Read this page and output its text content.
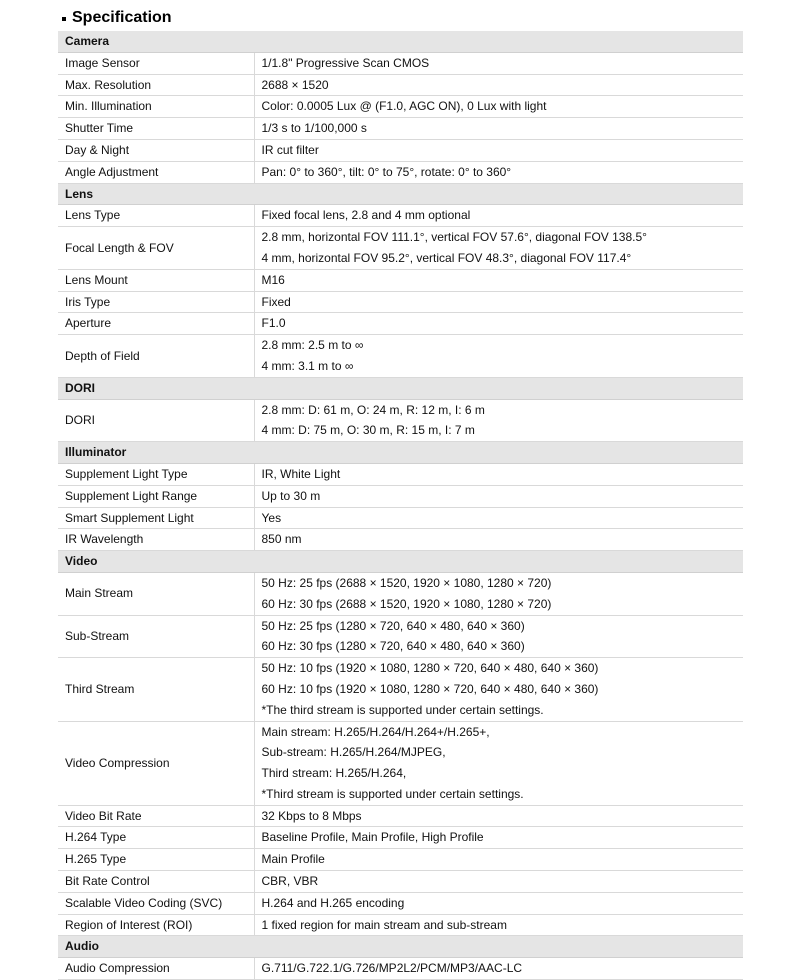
Specification
Camera	
Image Sensor	1/1.8" Progressive Scan CMOS

Max. Resolution	2688 × 1520

Min. Illumination	Color: 0.0005 Lux @ (F1.0, AGC ON), 0 Lux with light

Shutter Time	1/3 s to 1/100,000 s

Day & Night	IR cut filter

Angle Adjustment	Pan: 0° to 360°, tilt: 0° to 75°, rotate: 0° to 360°

Lens	
Lens Type	Fixed focal lens, 2.8 and 4 mm optional

Focal Length & FOV	2.8 mm, horizontal FOV 111.1°, vertical FOV 57.6°, diagonal FOV 138.5°
4 mm, horizontal FOV 95.2°, vertical FOV 48.3°, diagonal FOV 117.4°

Lens Mount	M16

Iris Type	Fixed

Aperture	F1.0

Depth of Field	2.8 mm: 2.5 m to ∞
4 mm: 3.1 m to ∞

DORI	
DORI	2.8 mm: D: 61 m, O: 24 m, R: 12 m, I: 6 m
4 mm: D: 75 m, O: 30 m, R: 15 m, I: 7 m

Illuminator	
Supplement Light Type	IR, White Light

Supplement Light Range	Up to 30 m

Smart Supplement Light	Yes

IR Wavelength	850 nm

Video	
Main Stream	50 Hz: 25 fps (2688 × 1520, 1920 × 1080, 1280 × 720)
60 Hz: 30 fps (2688 × 1520, 1920 × 1080, 1280 × 720)

Sub-Stream	50 Hz: 25 fps (1280 × 720, 640 × 480, 640 × 360)
60 Hz: 30 fps (1280 × 720, 640 × 480, 640 × 360)

Third Stream	50 Hz: 10 fps (1920 × 1080, 1280 × 720, 640 × 480, 640 × 360)
60 Hz: 10 fps (1920 × 1080, 1280 × 720, 640 × 480, 640 × 360)
*The third stream is supported under certain settings.

Video Compression	Main stream: H.265/H.264/H.264+/H.265+,
Sub-stream: H.265/H.264/MJPEG,
Third stream: H.265/H.264,
*Third stream is supported under certain settings.

Video Bit Rate	32 Kbps to 8 Mbps

H.264 Type	Baseline Profile, Main Profile, High Profile

H.265 Type	Main Profile

Bit Rate Control	CBR, VBR

Scalable Video Coding (SVC)	H.264 and H.265 encoding

Region of Interest (ROI)	1 fixed region for main stream and sub-stream

Audio	
Audio Compression	G.711/G.722.1/G.726/MP2L2/PCM/MP3/AAC-LC
